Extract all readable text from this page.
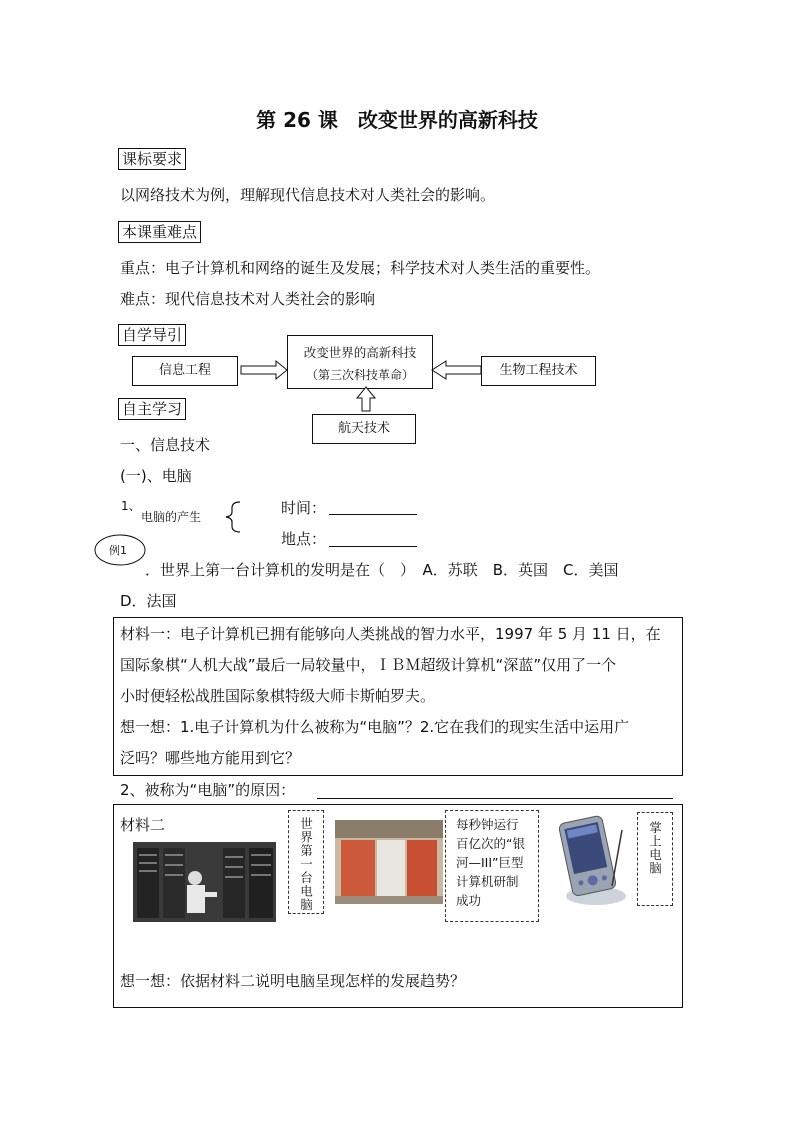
第 26 课　改变世界的高新科技
课标要求
以网络技术为例，理解现代信息技术对人类社会的影响。
本课重难点
重点：电子计算机和网络的诞生及发展；科学技术对人类生活的重要性。
难点：现代信息技术对人类社会的影响
自学导引
改变世界的高新科技
（第三次科技革命）
信息工程	生物工程技术
航天技术
自主学习
一、信息技术
(一)、电脑
1、
电脑的产生	时间：
地点：
例1
．世界上第一台计算机的发明是在（　）　A．苏联　B．英国　C．美国
D．法国
材料一：电子计算机已拥有能够向人类挑战的智力水平，1997 年 5 月 11 日，在
国际象棋“人机大战”最后一局较量中，ＩＢＭ超级计算机“深蓝”仅用了一个
小时便轻松战胜国际象棋特级大师卡斯帕罗夫。
想一想：1.电子计算机为什么被称为“电脑”？2.它在我们的现实生活中运用广
泛吗？哪些地方能用到它？
2、被称为“电脑”的原因：
材料二	世界第一台电脑	每秒钟运行
百亿次的“银
河—III”巨型
计算机研制
成功
掌上电脑
想一想：依据材料二说明电脑呈现怎样的发展趋势？
